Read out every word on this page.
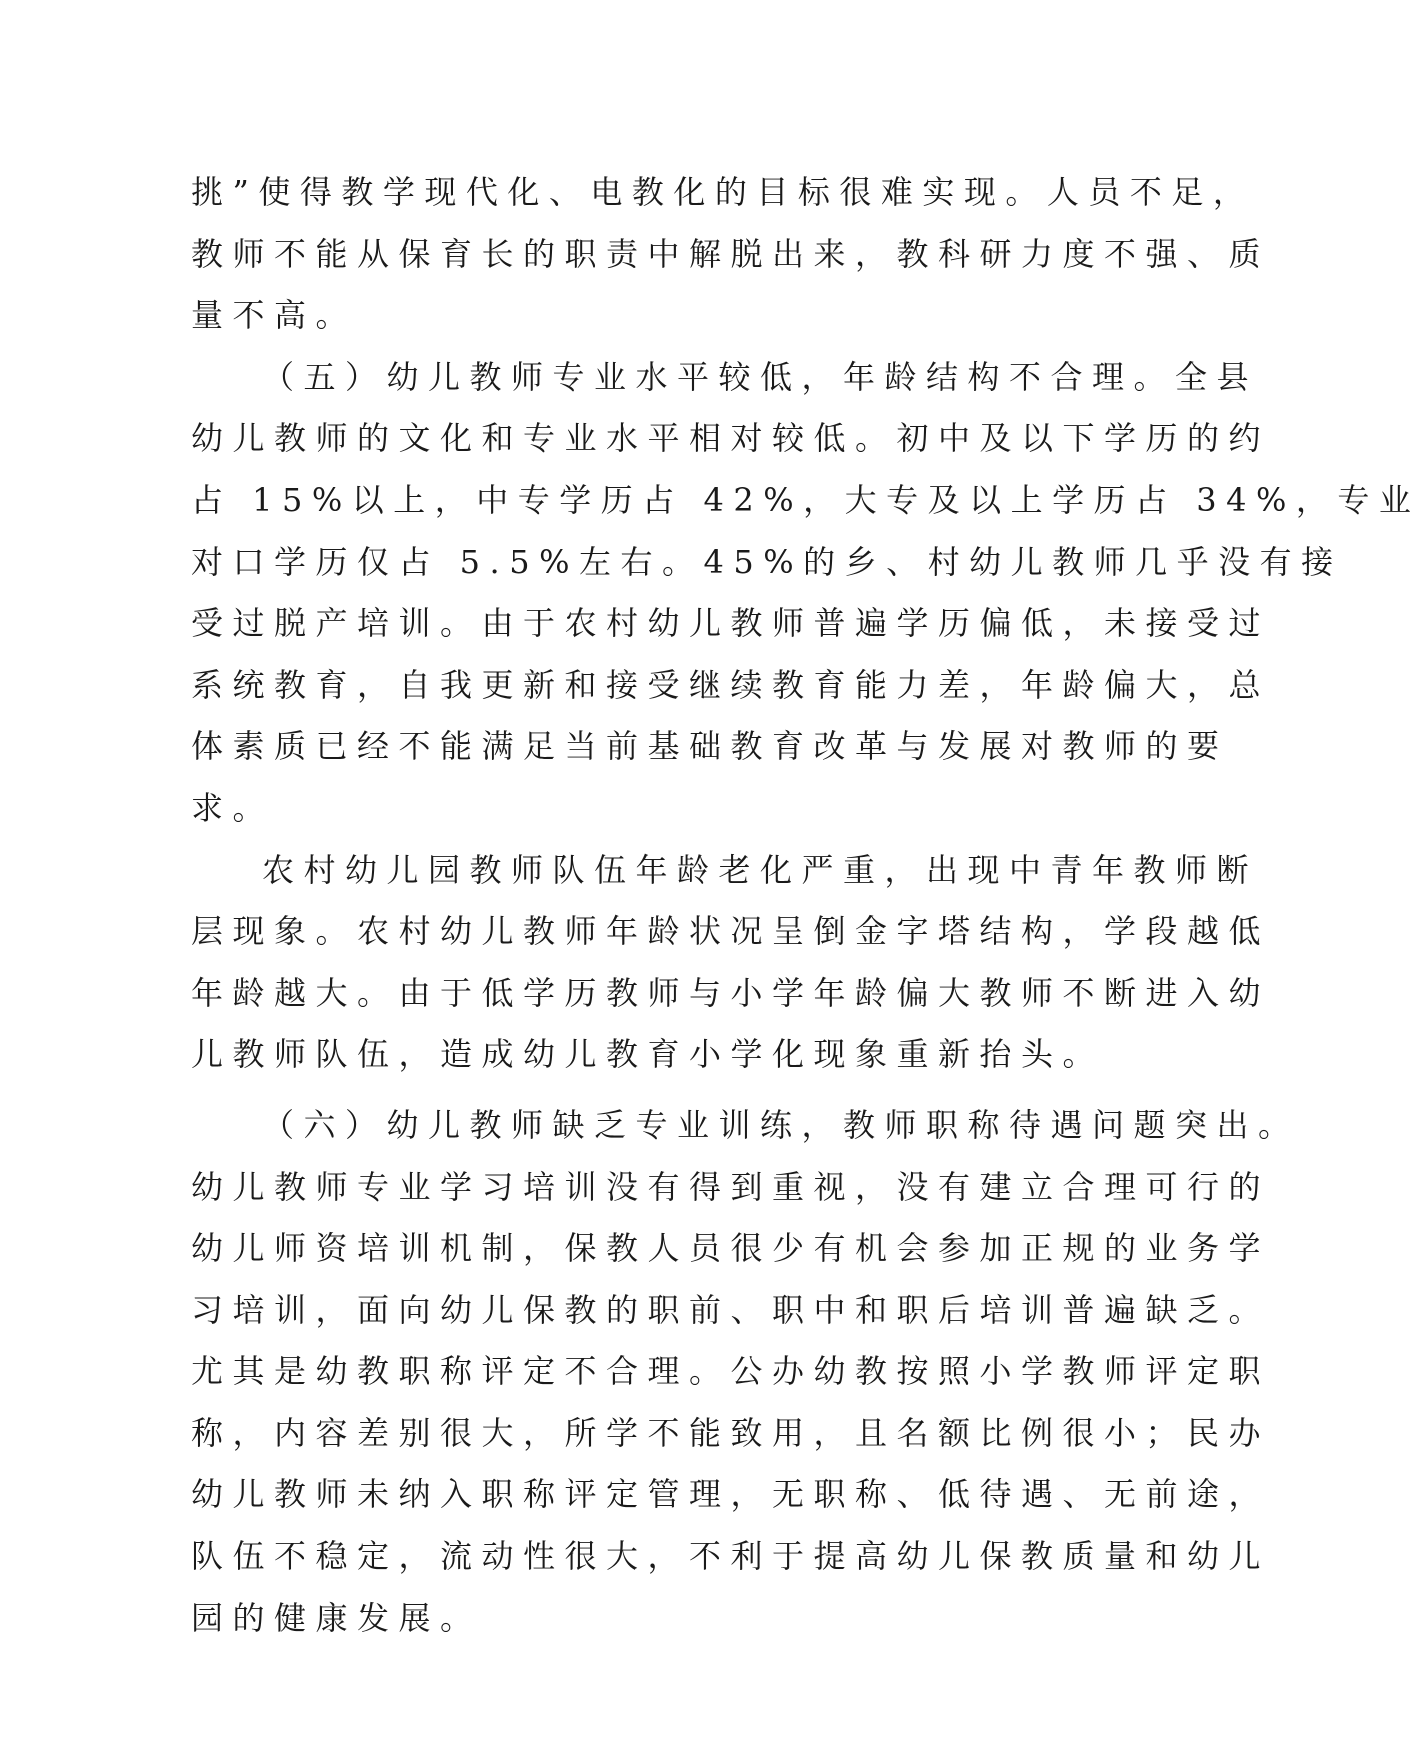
挑”使得教学现代化、电教化的目标很难实现。人员不足，
教师不能从保育长的职责中解脱出来，教科研力度不强、质
量不高。
（五）幼儿教师专业水平较低，年龄结构不合理。全县
幼儿教师的文化和专业水平相对较低。初中及以下学历的约
占 15%以上，中专学历占 42%，大专及以上学历占 34%，专业
对口学历仅占 5.5%左右。45%的乡、村幼儿教师几乎没有接
受过脱产培训。由于农村幼儿教师普遍学历偏低，未接受过
系统教育，自我更新和接受继续教育能力差，年龄偏大，总
体素质已经不能满足当前基础教育改革与发展对教师的要
求。
农村幼儿园教师队伍年龄老化严重，出现中青年教师断
层现象。农村幼儿教师年龄状况呈倒金字塔结构，学段越低
年龄越大。由于低学历教师与小学年龄偏大教师不断进入幼
儿教师队伍，造成幼儿教育小学化现象重新抬头。
（六）幼儿教师缺乏专业训练，教师职称待遇问题突出。
幼儿教师专业学习培训没有得到重视，没有建立合理可行的
幼儿师资培训机制，保教人员很少有机会参加正规的业务学
习培训，面向幼儿保教的职前、职中和职后培训普遍缺乏。
尤其是幼教职称评定不合理。公办幼教按照小学教师评定职
称，内容差别很大，所学不能致用，且名额比例很小；民办
幼儿教师未纳入职称评定管理，无职称、低待遇、无前途，
队伍不稳定，流动性很大，不利于提高幼儿保教质量和幼儿
园的健康发展。
